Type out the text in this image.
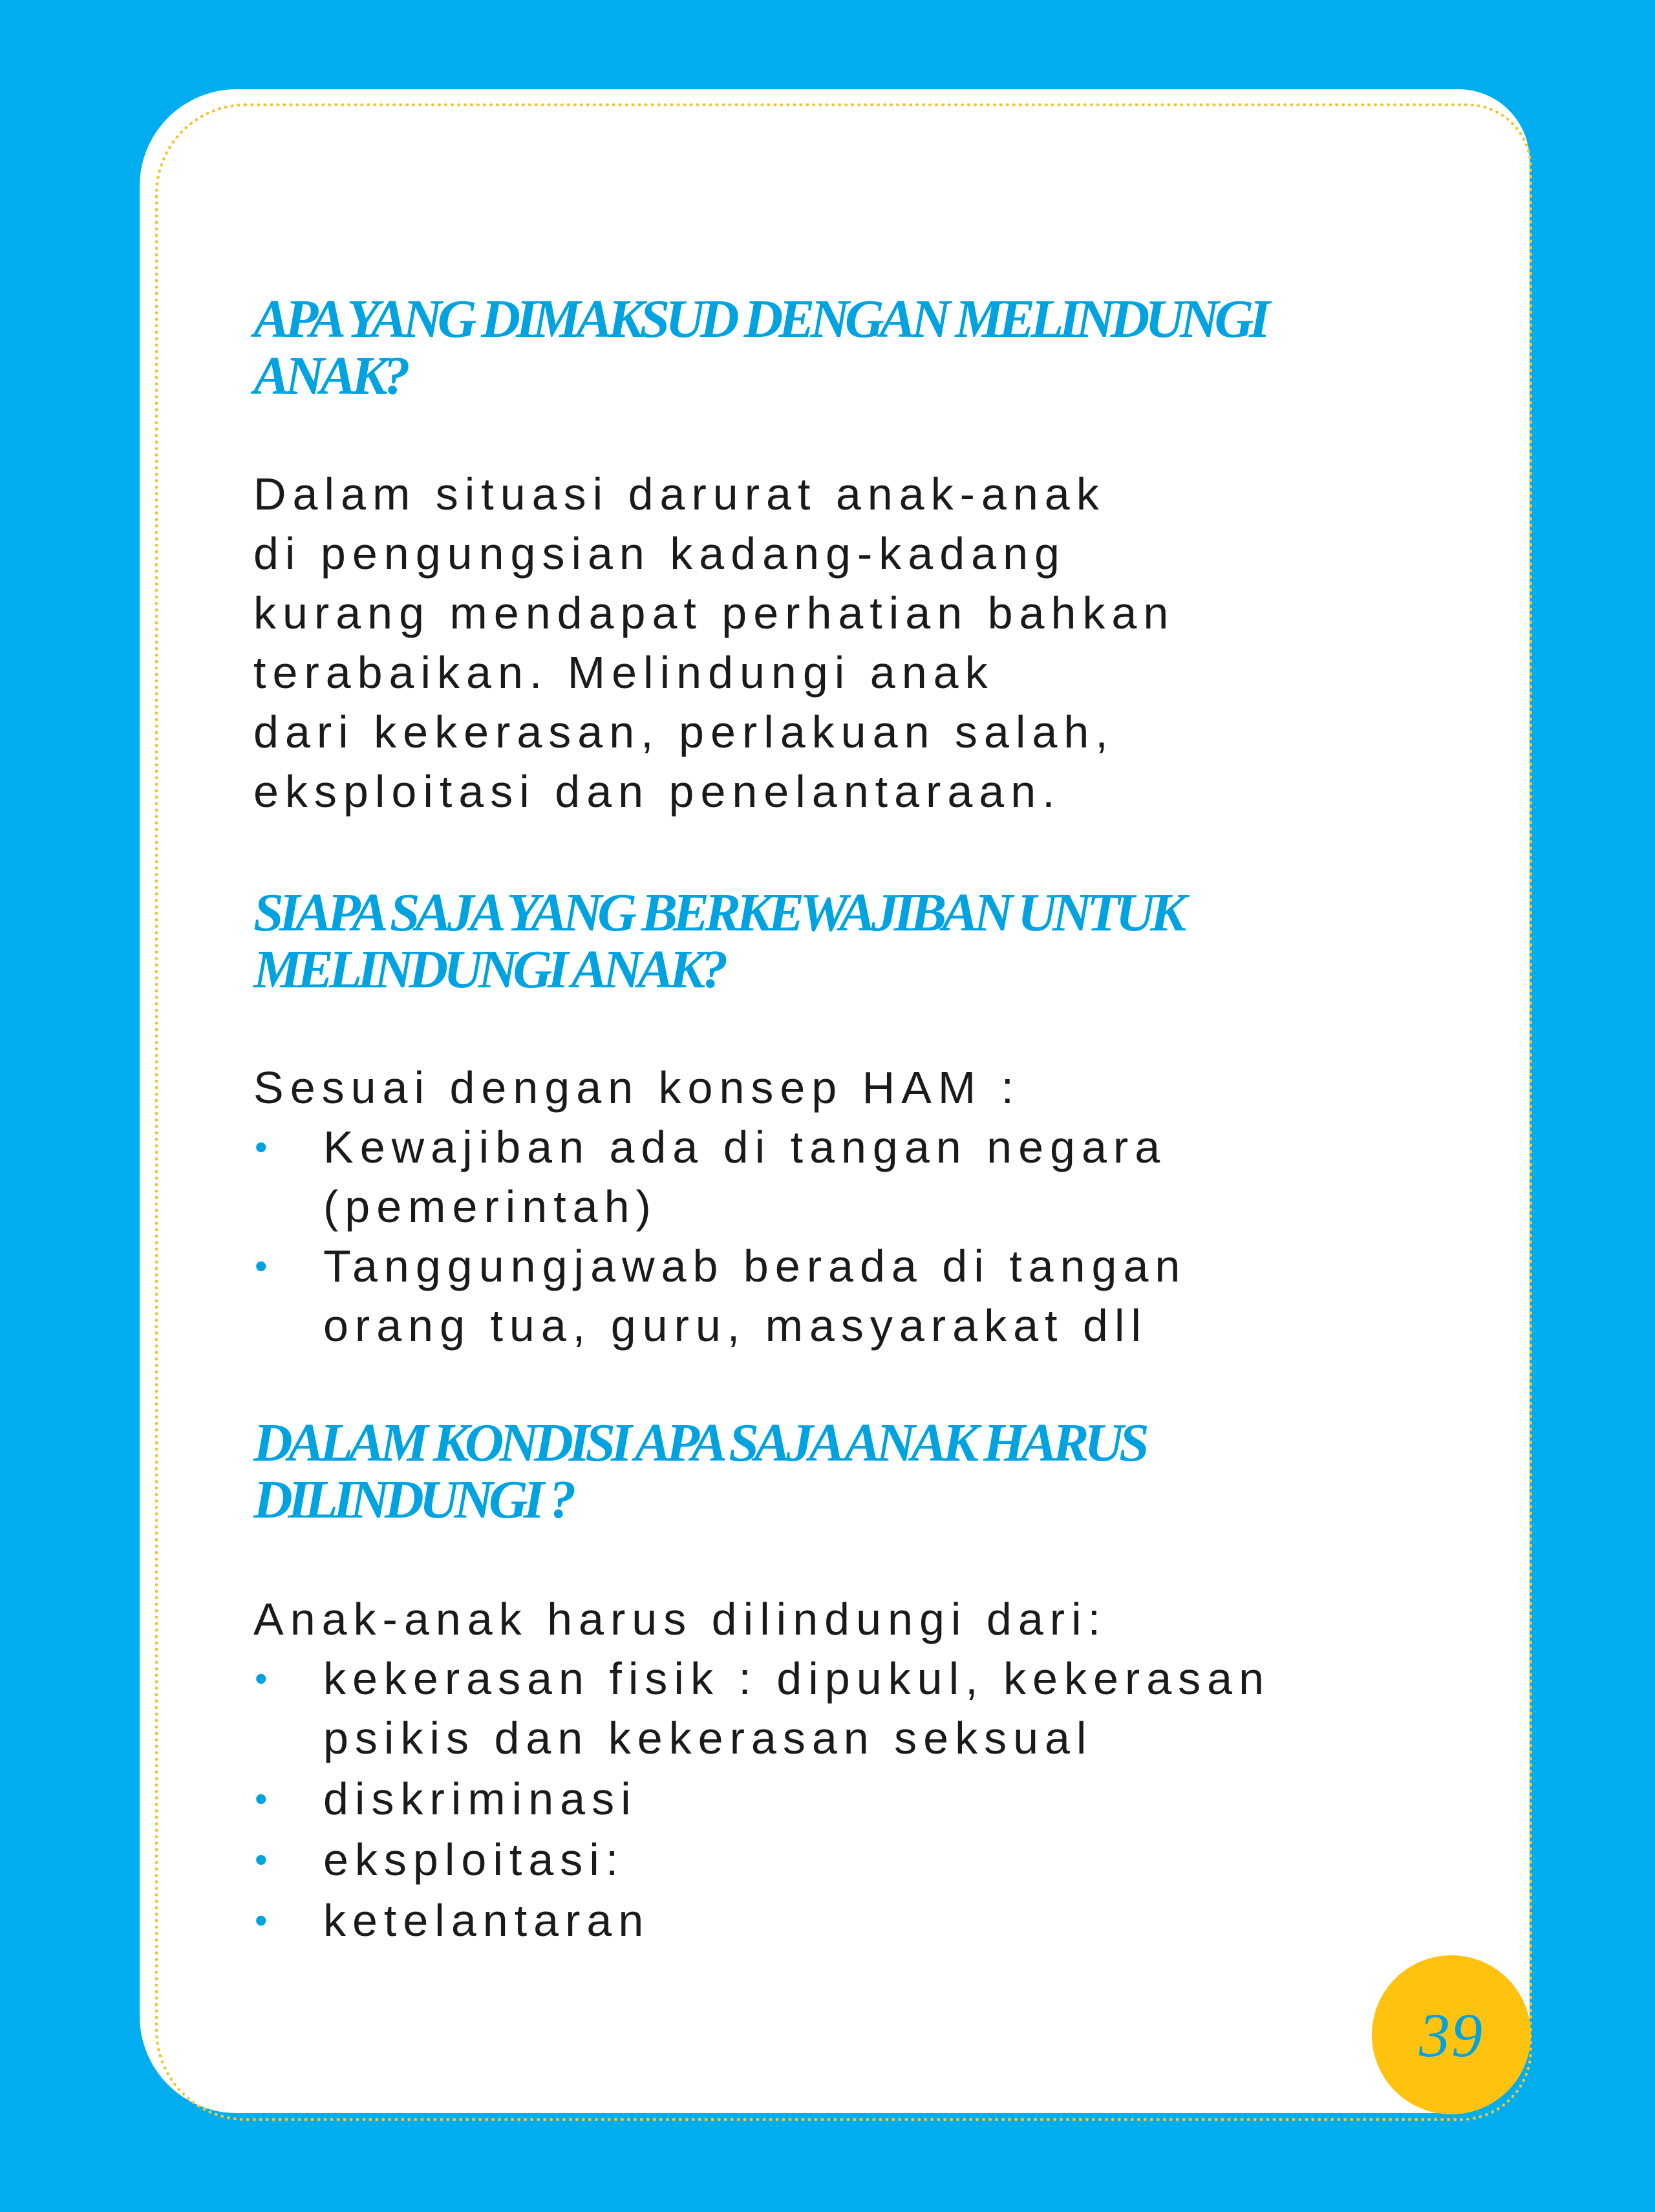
APA YANG DIMAKSUD DENGAN MELINDUNGI
ANAK?

Dalam situasi darurat anak-anak
di pengungsian kadang-kadang
kurang mendapat perhatian bahkan
terabaikan. Melindungi anak
dari kekerasan, perlakuan salah,
eksploitasi dan penelantaraan.

SIAPA SAJA YANG BERKEWAJIBAN UNTUK
MELINDUNGI ANAK?

Sesuai dengan konsep HAM :

• Kewajiban ada di tangan negara
(pemerintah)
• Tanggungjawab berada di tangan
orang tua, guru, masyarakat dll
DALAM KONDISI APA SAJA ANAK HARUS
DILINDUNGI ?

Anak-anak harus dilindungi dari:

• kekerasan fisik : dipukul, kekerasan
psikis dan kekerasan seksual
• diskriminasi
• eksploitasi:
• ketelantaran
39
